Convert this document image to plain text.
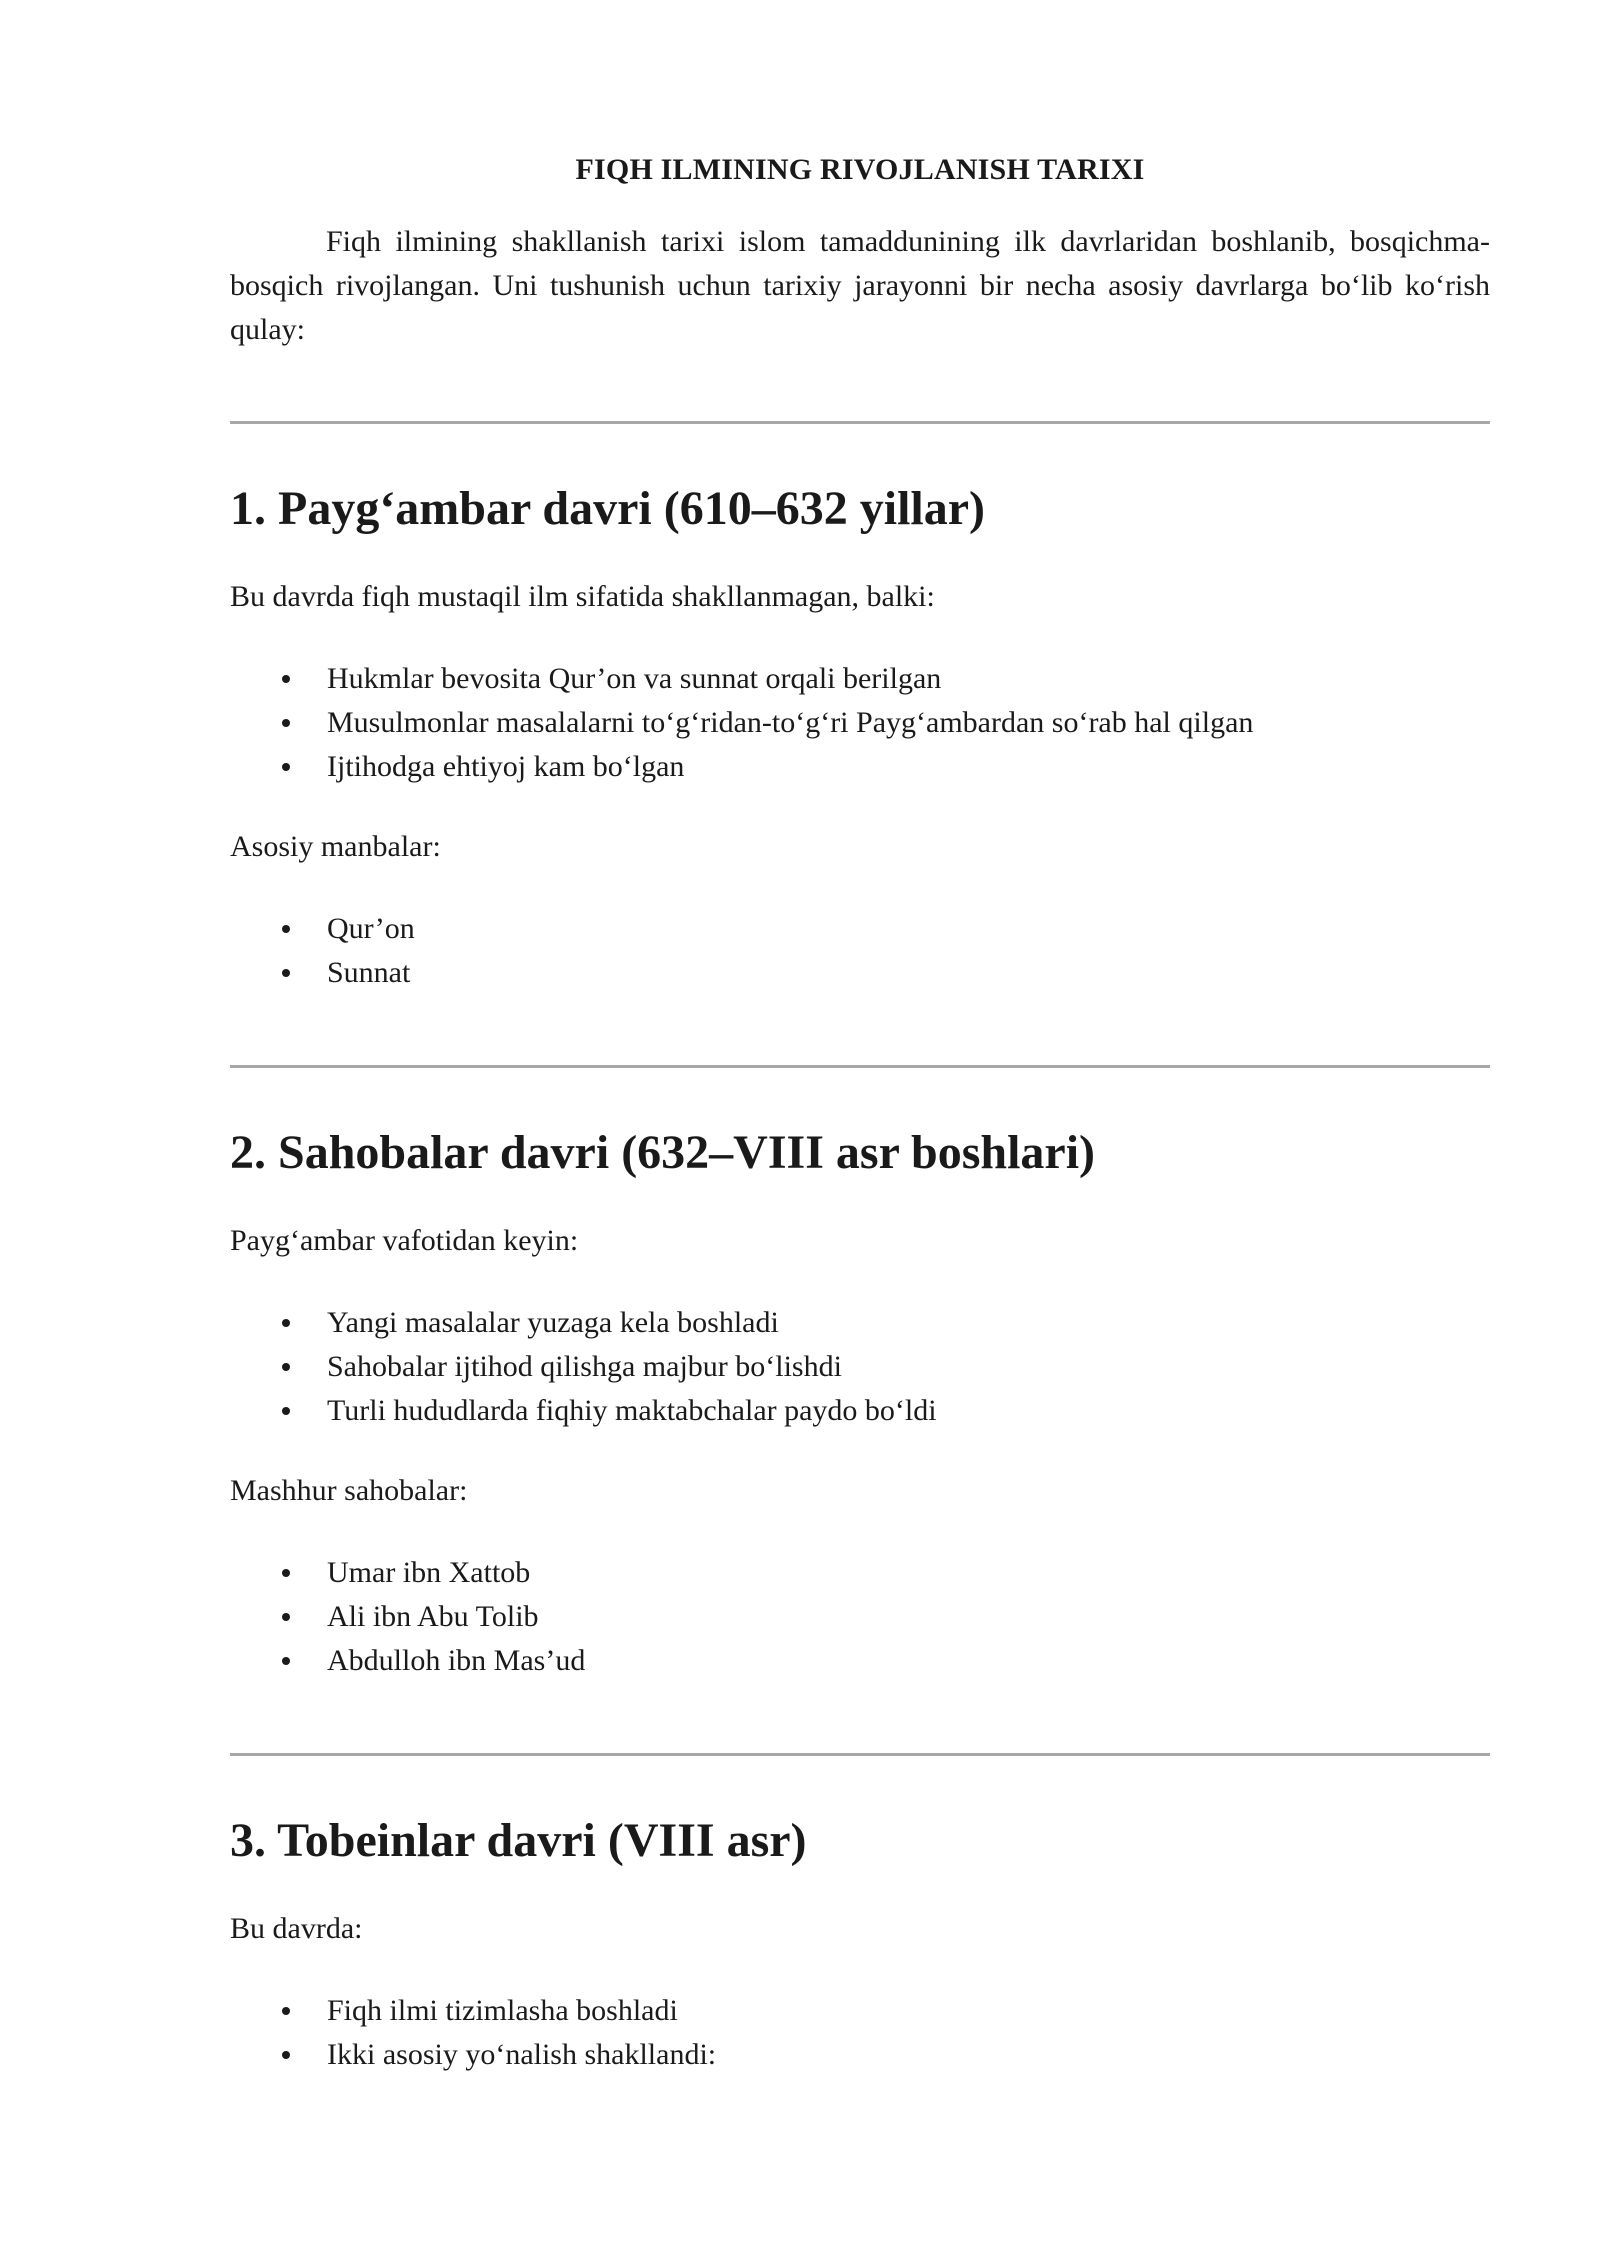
FIQH ILMINING RIVOJLANISH TARIXI

Fiqh ilmining shakllanish tarixi islom tamaddunining ilk davrlaridan boshlanib, bosqichma-bosqich rivojlangan. Uni tushunish uchun tarixiy jarayonni bir necha asosiy davrlarga bo‘lib ko‘rish qulay:

1. Payg‘ambar davri (610–632 yillar)

Bu davrda fiqh mustaqil ilm sifatida shakllanmagan, balki:

Hukmlar bevosita Qur’on va sunnat orqali berilgan
Musulmonlar masalalarni to‘g‘ridan-to‘g‘ri Payg‘ambardan so‘rab hal qilgan
Ijtihodga ehtiyoj kam bo‘lgan

Asosiy manbalar:

Qur’on
Sunnat
2. Sahobalar davri (632–VIII asr boshlari)

Payg‘ambar vafotidan keyin:

Yangi masalalar yuzaga kela boshladi
Sahobalar ijtihod qilishga majbur bo‘lishdi
Turli hududlarda fiqhiy maktabchalar paydo bo‘ldi

Mashhur sahobalar:

Umar ibn Xattob
Ali ibn Abu Tolib
Abdulloh ibn Mas’ud
3. Tobeinlar davri (VIII asr)

Bu davrda:

Fiqh ilmi tizimlasha boshladi
Ikki asosiy yo‘nalish shakllandi:
